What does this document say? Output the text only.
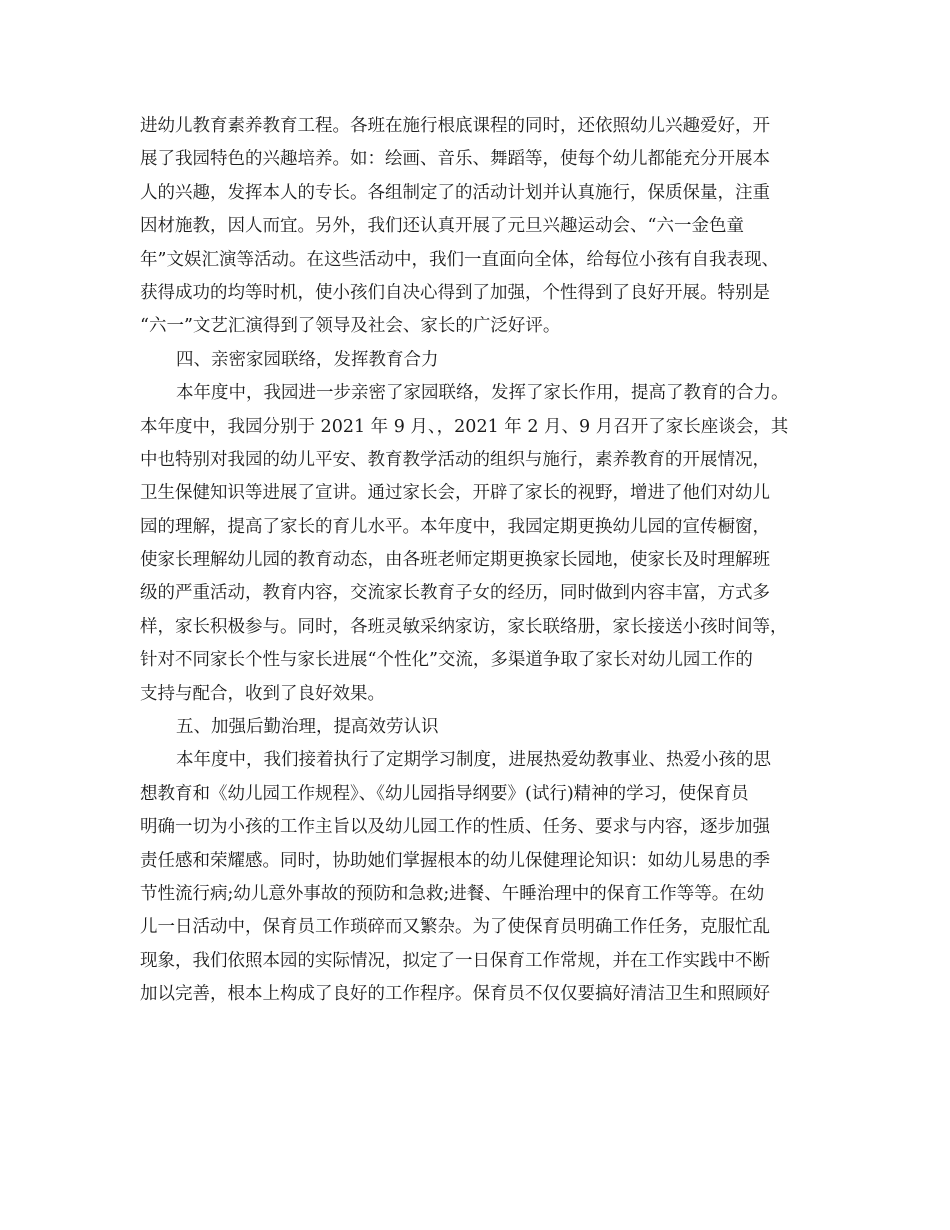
进幼儿教育素养教育工程。各班在施行根底课程的同时，还依照幼儿兴趣爱好，开
展了我园特色的兴趣培养。如：绘画、音乐、舞蹈等，使每个幼儿都能充分开展本
人的兴趣，发挥本人的专长。各组制定了的活动计划并认真施行，保质保量，注重
因材施教，因人而宜。另外，我们还认真开展了元旦兴趣运动会、“六一金色童
年”文娱汇演等活动。在这些活动中，我们一直面向全体，给每位小孩有自我表现、
获得成功的均等时机，使小孩们自决心得到了加强，个性得到了良好开展。特别是
“六一”文艺汇演得到了领导及社会、家长的广泛好评。
四、亲密家园联络，发挥教育合力
本年度中，我园进一步亲密了家园联络，发挥了家长作用，提高了教育的合力。
本年度中，我园分别于 2021 年 9 月、，2021 年 2 月、9 月召开了家长座谈会，其
中也特别对我园的幼儿平安、教育教学活动的组织与施行，素养教育的开展情况，
卫生保健知识等进展了宣讲。通过家长会，开辟了家长的视野，增进了他们对幼儿
园的理解，提高了家长的育儿水平。本年度中，我园定期更换幼儿园的宣传橱窗，
使家长理解幼儿园的教育动态，由各班老师定期更换家长园地，使家长及时理解班
级的严重活动，教育内容，交流家长教育子女的经历，同时做到内容丰富，方式多
样，家长积极参与。同时，各班灵敏采纳家访，家长联络册，家长接送小孩时间等，
针对不同家长个性与家长进展“个性化”交流，多渠道争取了家长对幼儿园工作的
支持与配合，收到了良好效果。
五、加强后勤治理，提高效劳认识
本年度中，我们接着执行了定期学习制度，进展热爱幼教事业、热爱小孩的思
想教育和《幼儿园工作规程》、《幼儿园指导纲要》(试行)精神的学习，使保育员
明确一切为小孩的工作主旨以及幼儿园工作的性质、任务、要求与内容，逐步加强
责任感和荣耀感。同时，协助她们掌握根本的幼儿保健理论知识：如幼儿易患的季
节性流行病;幼儿意外事故的预防和急救;进餐、午睡治理中的保育工作等等。在幼
儿一日活动中，保育员工作琐碎而又繁杂。为了使保育员明确工作任务，克服忙乱
现象，我们依照本园的实际情况，拟定了一日保育工作常规，并在工作实践中不断
加以完善，根本上构成了良好的工作程序。保育员不仅仅要搞好清洁卫生和照顾好
